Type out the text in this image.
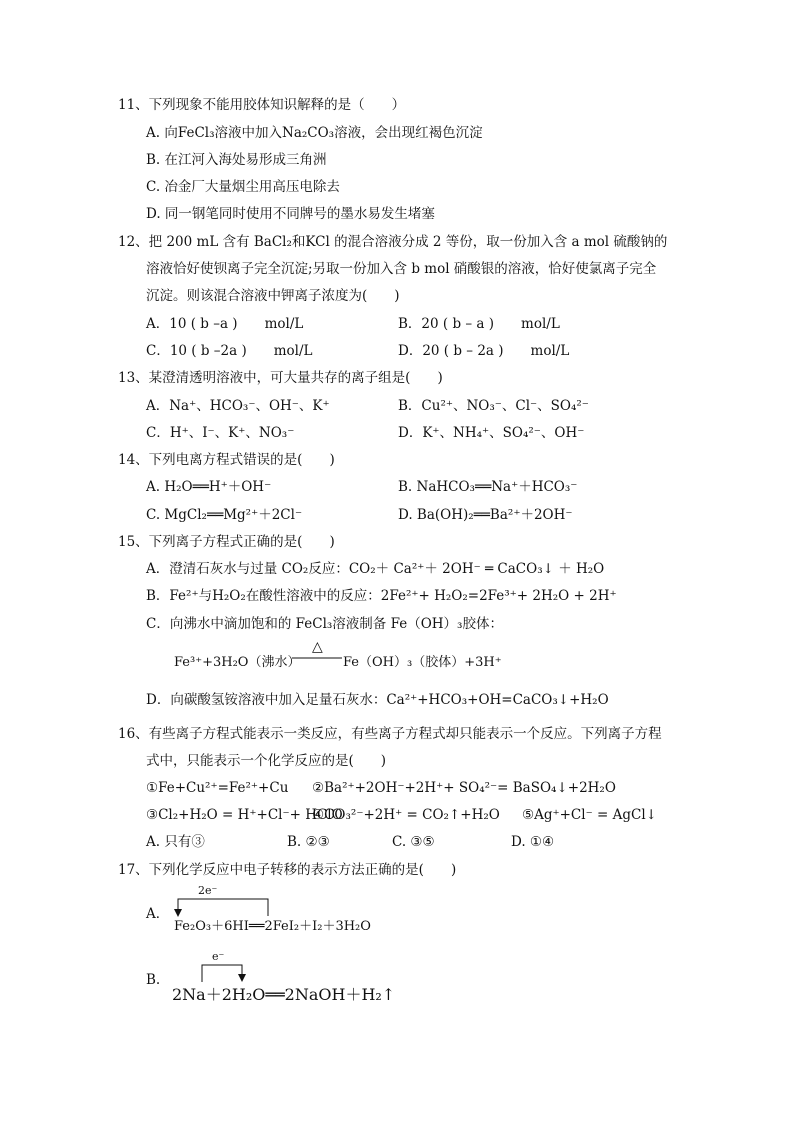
11、下列现象不能用胶体知识解释的是（　　）
A. 向FeCl₃溶液中加入Na₂CO₃溶液，会出现红褐色沉淀
B. 在江河入海处易形成三角洲
C. 冶金厂大量烟尘用高压电除去
D. 同一钢笔同时使用不同牌号的墨水易发生堵塞
12、把 200 mL 含有 BaCl₂和KCl 的混合溶液分成 2 等份，取一份加入含 a mol 硫酸钠的
溶液恰好使钡离子完全沉淀;另取一份加入含 b mol 硝酸银的溶液，恰好使氯离子完全
沉淀。则该混合溶液中钾离子浓度为(　　)
A．10 ( b –a )　　mol/L	B．20 ( b – a )　　mol/L
C．10 ( b –2a )　　mol/L	D．20 ( b – 2a )　　mol/L
13、某澄清透明溶液中，可大量共存的离子组是(　　)
A．Na⁺、HCO₃⁻、OH⁻、K⁺	B．Cu²⁺、NO₃⁻、Cl⁻、SO₄²⁻
C．H⁺、I⁻、K⁺、NO₃⁻	D．K⁺、NH₄⁺、SO₄²⁻、OH⁻
14、下列电离方程式错误的是(　　)
A. H₂O══H⁺＋OH⁻	B. NaHCO₃══Na⁺＋HCO₃⁻
C. MgCl₂══Mg²⁺＋2Cl⁻	D. Ba(OH)₂══Ba²⁺＋2OH⁻
15、下列离子方程式正确的是(　　)
A．澄清石灰水与过量 CO₂反应：CO₂＋ Ca²⁺＋ 2OH⁻ ═ CaCO₃↓ ＋ H₂O
B．Fe²⁺与H₂O₂在酸性溶液中的反应：2Fe²⁺+ H₂O₂=2Fe³⁺+ 2H₂O + 2H⁺
C．向沸水中滴加饱和的 FeCl₃溶液制备 Fe（OH）₃胶体：
Fe³⁺+3H₂O（沸水）
△
Fe（OH）₃（胶体）+3H⁺
D．向碳酸氢铵溶液中加入足量石灰水：Ca²⁺+HCO₃+OH=CaCO₃↓+H₂O
16、有些离子方程式能表示一类反应，有些离子方程式却只能表示一个反应。下列离子方程
式中，只能表示一个化学反应的是(　　)
①Fe+Cu²⁺=Fe²⁺+Cu ②Ba²⁺+2OH⁻+2H⁺+ SO₄²⁻= BaSO₄↓+2H₂O
③Cl₂+H₂O = H⁺+Cl⁻+ HClO
④CO₃²⁻+2H⁺ = CO₂↑+H₂O ⑤Ag⁺+Cl⁻ = AgCl↓
A. 只有③	B. ②③	C. ③⑤	D. ①④
17、下列化学反应中电子转移的表示方法正确的是(　　)
A．
2e⁻
Fe₂O₃＋6HI══2FeI₂＋I₂＋3H₂O
B.
e⁻
2Na＋2H₂O══2NaOH＋H₂↑
